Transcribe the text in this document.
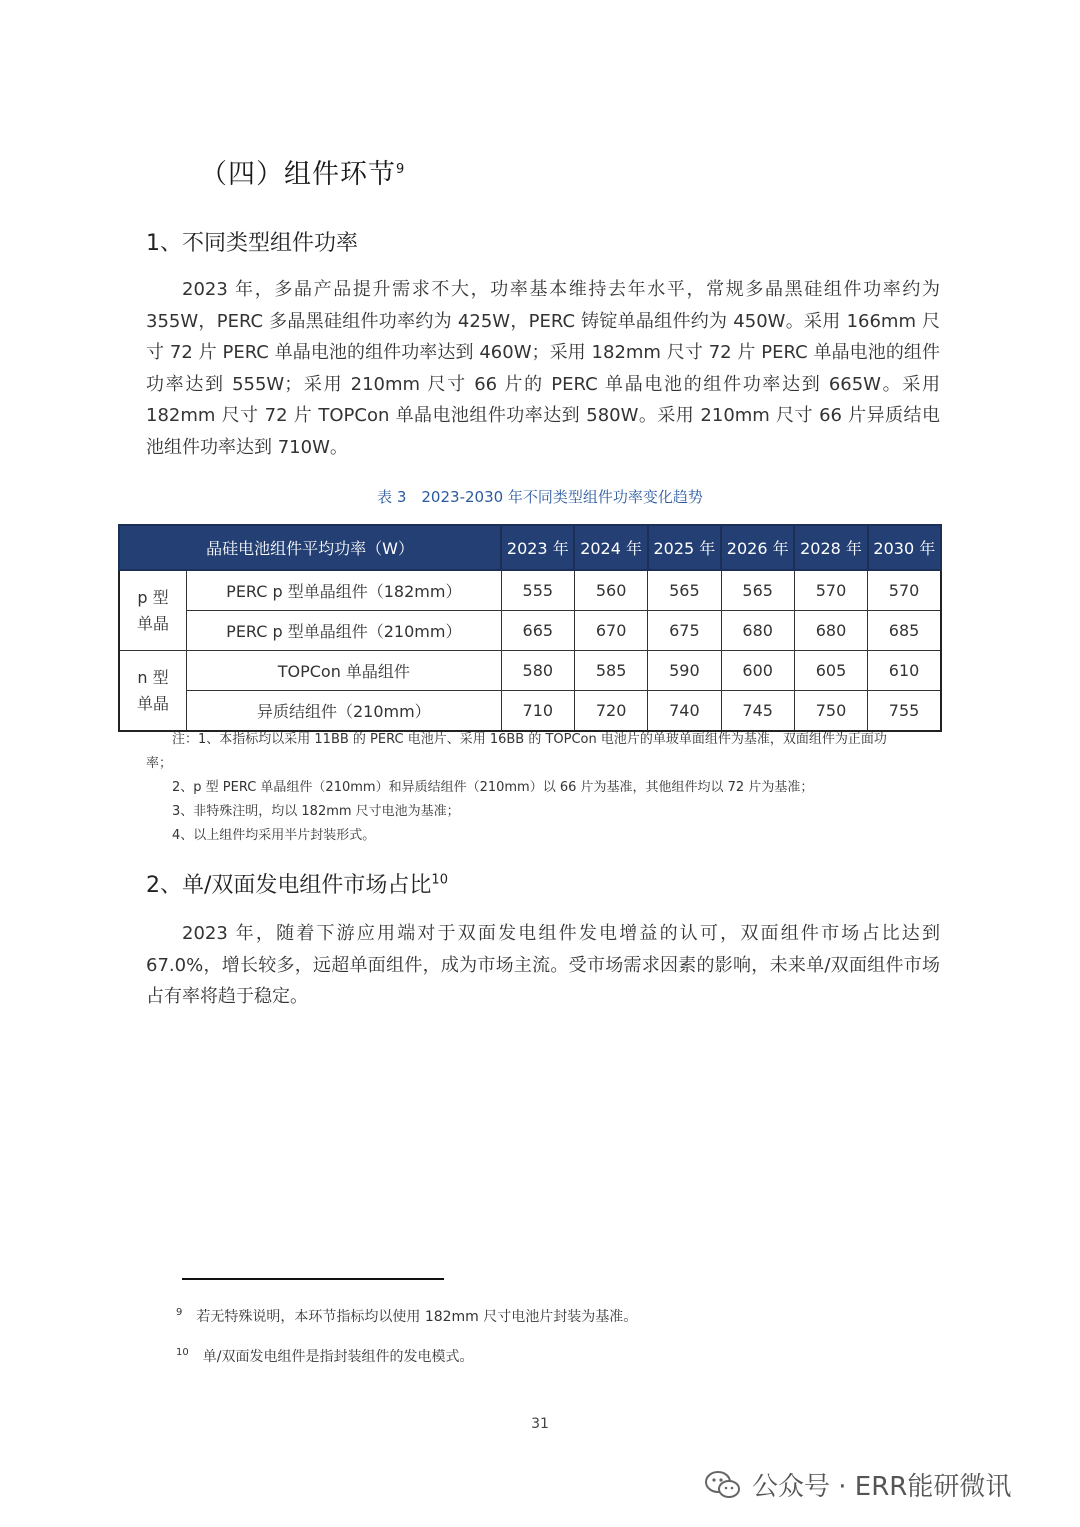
（四）组件环节$^9$
1、不同类型组件功率

2023 年，多晶产品提升需求不大，功率基本维持去年水平，常规多晶黑硅组件功率约为 355W，PERC 多晶黑硅组件功率约为 425W，PERC 铸锭单晶组件约为 450W。采用 166mm 尺寸 72 片 PERC 单晶电池的组件功率达到 460W；采用 182mm 尺寸 72 片 PERC 单晶电池的组件功率达到 555W；采用 210mm 尺寸 66 片的 PERC 单晶电池的组件功率达到 665W。采用 182mm 尺寸 72 片 TOPCon 单晶电池组件功率达到 580W。采用 210mm 尺寸 66 片异质结电池组件功率达到 710W。

表 3　2023-2030 年不同类型组件功率变化趋势
晶硅电池组件平均功率（W）		2023 年	2024 年	2025 年	2026 年	2028 年	2030 年
p 型
单晶	PERC p 型单晶组件（182mm）	555	560	565	565	570	570
	PERC p 型单晶组件（210mm）	665	670	675	680	680	685
n 型
单晶	TOPCon 单晶组件	580	585	590	600	605	610
	异质结组件（210mm）	710	720	740	745	750	755
注：1、本指标均以采用 11BB 的 PERC 电池片、采用 16BB 的 TOPCon 电池片的单玻单面组件为基准，双面组件为正面功
率；
2、p 型 PERC 单晶组件（210mm）和异质结组件（210mm）以 66 片为基准，其他组件均以 72 片为基准；
3、非特殊注明，均以 182mm 尺寸电池为基准；
4、以上组件均采用半片封装形式。
2、单/双面发电组件市场占比$^{10}$

2023 年，随着下游应用端对于双面发电组件发电增益的认可，双面组件市场占比达到 67.0%，增长较多，远超单面组件，成为市场主流。受市场需求因素的影响，未来单/双面组件市场占有率将趋于稳定。

$^9$ 若无特殊说明，本环节指标均以使用 182mm 尺寸电池片封装为基准。
$^{10}$ 单/双面发电组件是指封装组件的发电模式。
31
公众号 · ERR能研微讯
